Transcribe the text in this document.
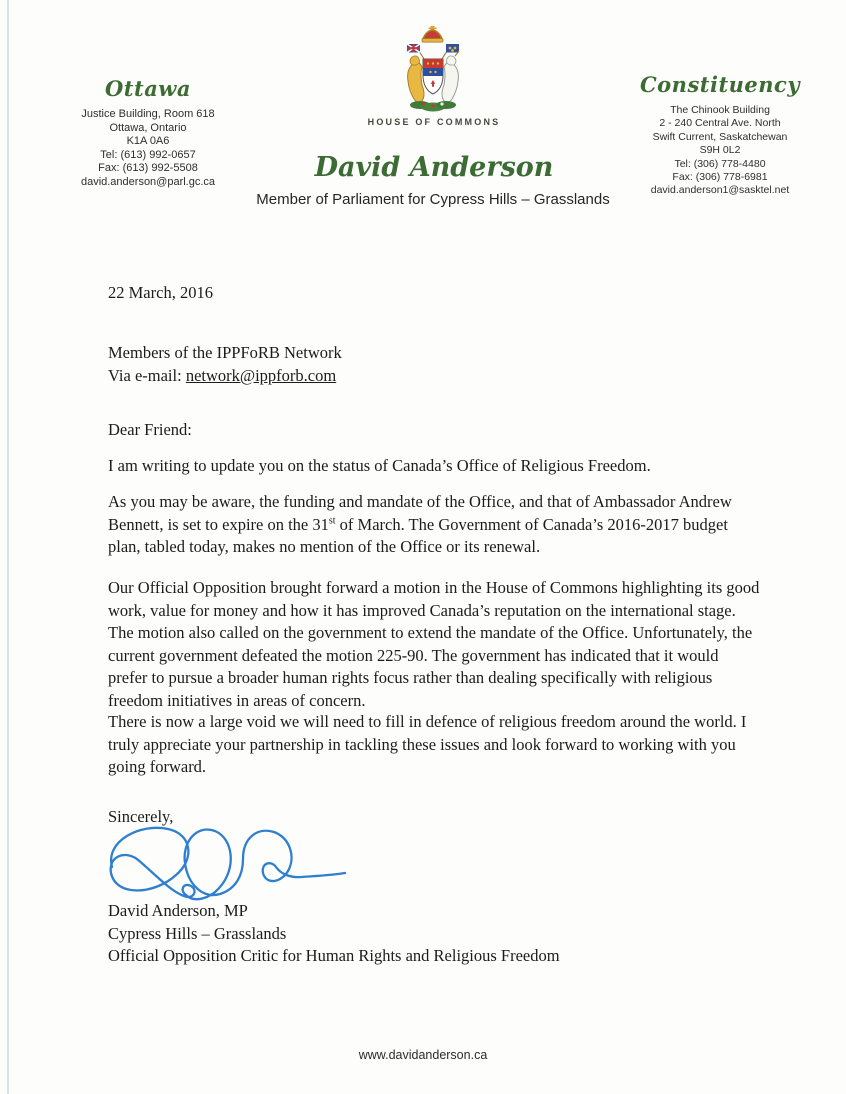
Ottawa
Justice Building, Room 618
Ottawa, Ontario
K1A 0A6
Tel: (613) 992-0657
Fax: (613) 992-5508
david.anderson@parl.gc.ca
Constituency
The Chinook Building
2 - 240 Central Ave. North
Swift Current, Saskatchewan
S9H 0L2
Tel: (306) 778-4480
Fax: (306) 778-6981
david.anderson1@sasktel.net
HOUSE OF COMMONS
David Anderson
Member of Parliament for Cypress Hills – Grasslands
22 March, 2016
Members of the IPPFoRB Network
Via e-mail: network@ippforb.com
Dear Friend:
I am writing to update you on the status of Canada’s Office of Religious Freedom.
As you may be aware, the funding and mandate of the Office, and that of Ambassador Andrew Bennett, is set to expire on the 31st of March. The Government of Canada’s 2016-2017 budget plan, tabled today, makes no mention of the Office or its renewal.
Our Official Opposition brought forward a motion in the House of Commons highlighting its good work, value for money and how it has improved Canada’s reputation on the international stage. The motion also called on the government to extend the mandate of the Office. Unfortunately, the current government defeated the motion 225-90. The government has indicated that it would prefer to pursue a broader human rights focus rather than dealing specifically with religious freedom initiatives in areas of concern.
There is now a large void we will need to fill in defence of religious freedom around the world. I truly appreciate your partnership in tackling these issues and look forward to working with you going forward.
Sincerely,
David Anderson, MP
Cypress Hills – Grasslands
Official Opposition Critic for Human Rights and Religious Freedom
www.davidanderson.ca
